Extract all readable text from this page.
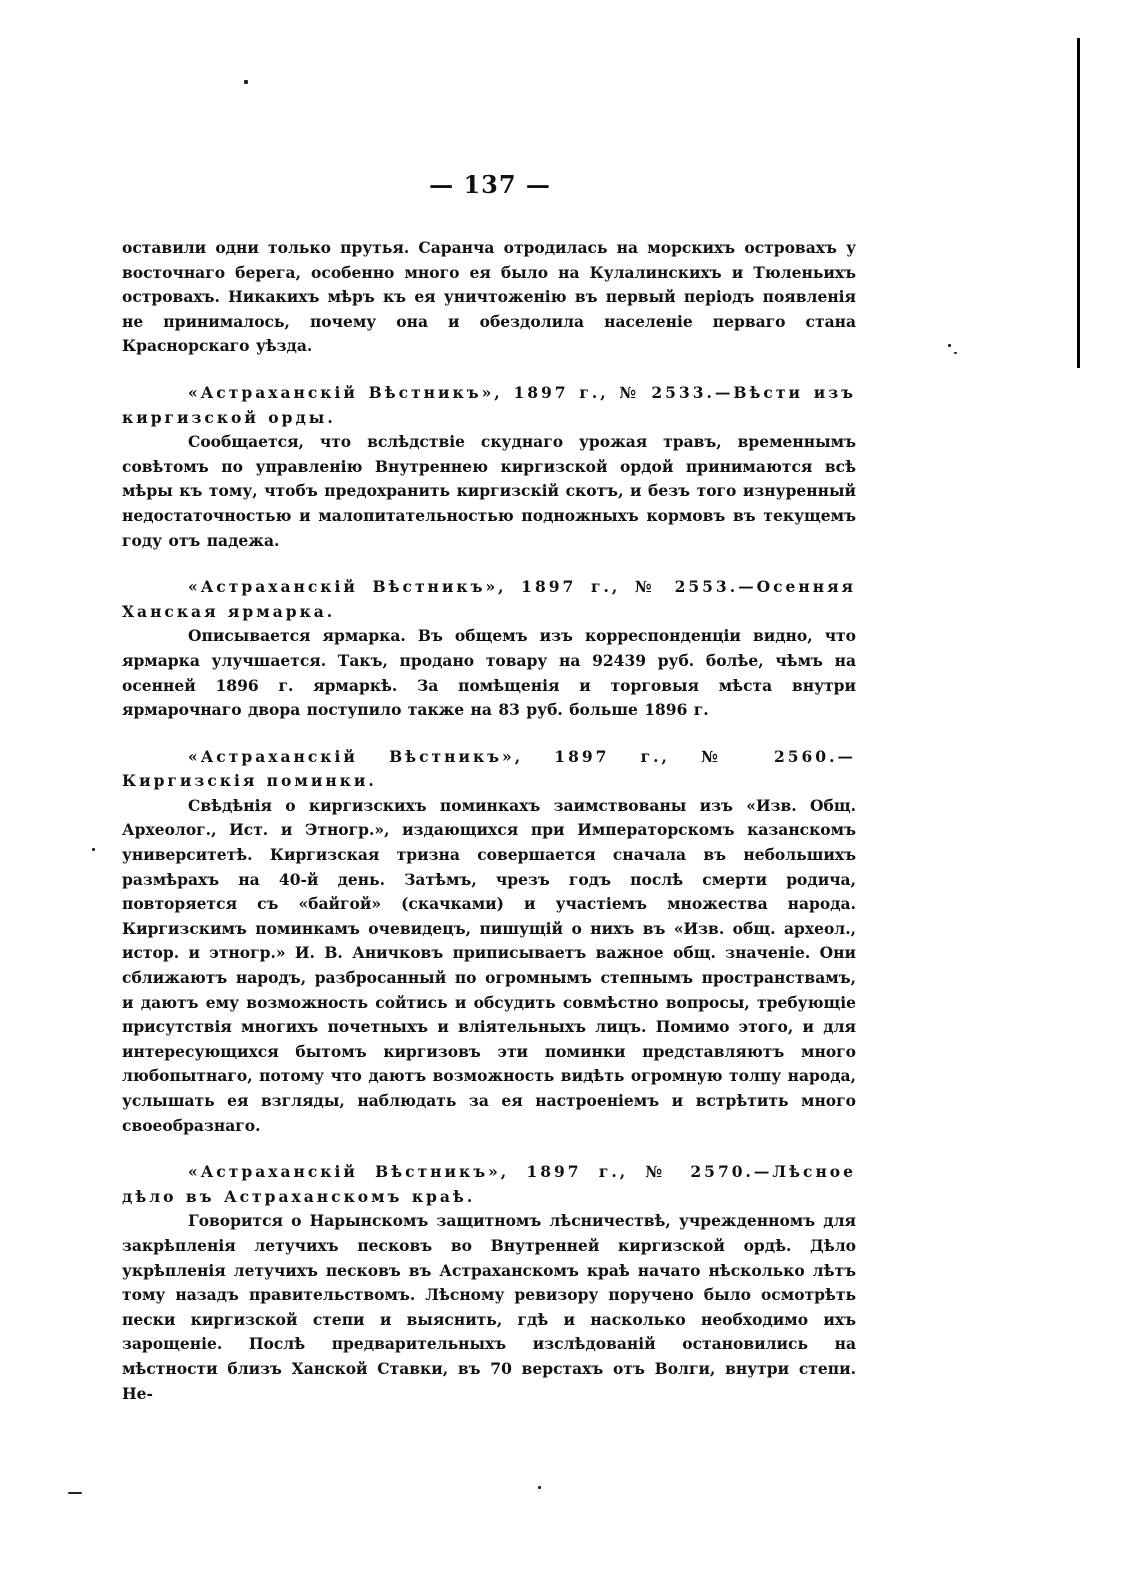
— 137 —

оставили одни только прутья. Саранча отродилась на морскихъ островахъ у восточнаго берега, особенно много ея было на Кулалинскихъ и Тюленьихъ островахъ. Никакихъ мѣръ къ ея уничтоженію въ первый періодъ появленія не принималось, почему она и обездолила населеніе перваго стана Краснорскаго уѣзда.

«Астраханскій Вѣстникъ», 1897 г., № 2533.—Вѣсти изъ киргизской орды.

Сообщается, что вслѣдствіе скуднаго урожая травъ, временнымъ совѣтомъ по управленію Внутреннею киргизской ордой принимаются всѣ мѣры къ тому, чтобъ предохранить киргизскій скотъ, и безъ того изнуренный недостаточностью и малопитательностью подножныхъ кормовъ въ текущемъ году отъ падежа.

«Астраханскій Вѣстникъ», 1897 г., № 2553.—Осенняя Ханская ярмарка.

Описывается ярмарка. Въ общемъ изъ корреспонденціи видно, что ярмарка улучшается. Такъ, продано товару на 92439 руб. болѣе, чѣмъ на осенней 1896 г. ярмаркѣ. За помѣщенія и торговыя мѣста внутри ярмарочнаго двора поступило также на 83 руб. больше 1896 г.

«Астраханскій Вѣстникъ», 1897 г., № 2560.—Киргизскія поминки.

Свѣдѣнія о киргизскихъ поминкахъ заимствованы изъ «Изв. Общ. Археолог., Ист. и Этногр.», издающихся при Императорскомъ казанскомъ университетѣ. Киргизская тризна совершается сначала въ небольшихъ размѣрахъ на 40-й день. Затѣмъ, чрезъ годъ послѣ смерти родича, повторяется съ «байгой» (скачками) и участіемъ множества народа. Киргизскимъ поминкамъ очевидецъ, пишущій о нихъ въ «Изв. общ. археол., истор. и этногр.» И. В. Аничковъ приписываетъ важное общ. значеніе. Они сближаютъ народъ, разбросанный по огромнымъ степнымъ пространствамъ, и даютъ ему возможность сойтись и обсудить совмѣстно вопросы, требующіе присутствія многихъ почетныхъ и вліятельныхъ лицъ. Помимо этого, и для интересующихся бытомъ киргизовъ эти поминки представляютъ много любопытнаго, потому что даютъ возможность видѣть огромную толпу народа, услышать ея взгляды, наблюдать за ея настроеніемъ и встрѣтить много своеобразнаго.

«Астраханскій Вѣстникъ», 1897 г., № 2570.—Лѣсное дѣло въ Астраханскомъ краѣ.

Говорится о Нарынскомъ защитномъ лѣсничествѣ, учрежденномъ для закрѣпленія летучихъ песковъ во Внутренней киргизской ордѣ. Дѣло укрѣпленія летучихъ песковъ въ Астраханскомъ краѣ начато нѣсколько лѣтъ тому назадъ правительствомъ. Лѣсному ревизору поручено было осмотрѣть пески киргизской степи и выяснить, гдѣ и насколько необходимо ихъ зарощеніе. Послѣ предварительныхъ изслѣдованій остановились на мѣстности близъ Ханской Ставки, въ 70 верстахъ отъ Волги, внутри степи. Не-
